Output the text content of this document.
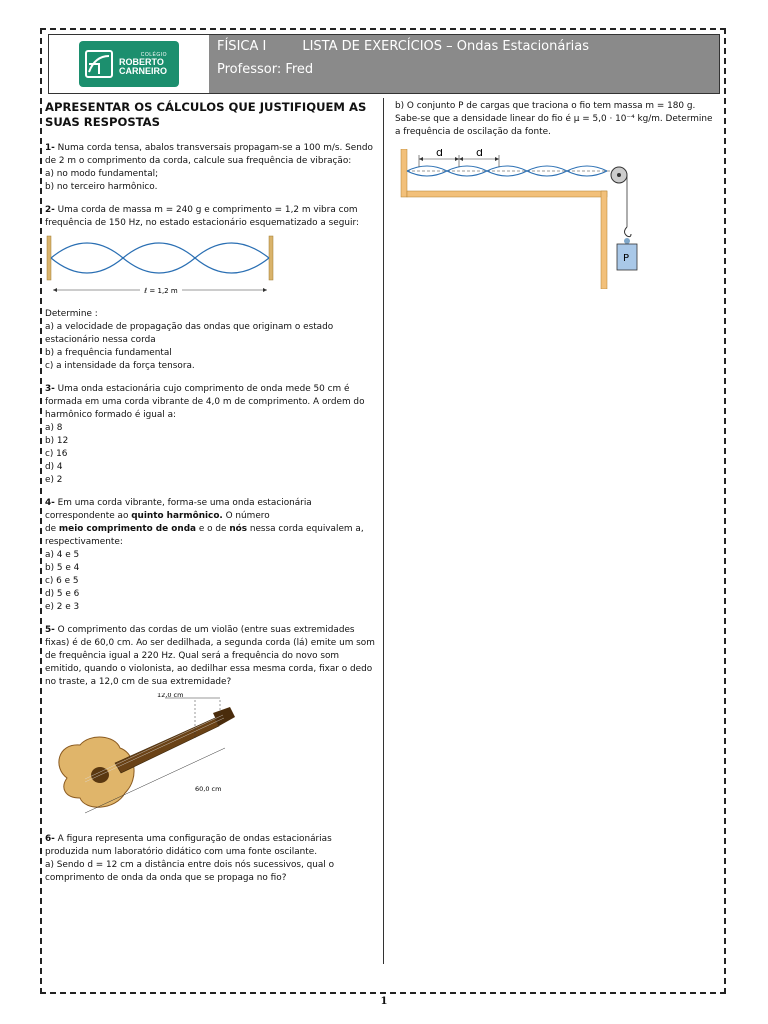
COLÉGIO
ROBERTO
CARNEIRO
FÍSICA I	LISTA DE EXERCÍCIOS – Ondas Estacionárias
Professor: Fred
APRESENTAR OS CÁLCULOS QUE JUSTIFIQUEM AS SUAS RESPOSTAS

1- Numa corda tensa, abalos transversais propagam-se a 100 m/s. Sendo de 2 m o comprimento da corda, calcule sua frequência de vibração:

a) no modo fundamental;

b) no terceiro harmônico.

2- Uma corda de massa m = 240 g e comprimento = 1,2 m vibra com frequência de 150 Hz, no estado estacionário esquematizado a seguir:

ℓ = 1,2 m

Determine :

a) a velocidade de propagação das ondas que originam o estado estacionário nessa corda

b) a frequência fundamental

c) a intensidade da força tensora.

3- Uma onda estacionária cujo comprimento de onda mede 50 cm é formada em uma corda vibrante de 4,0 m de comprimento. A ordem do harmônico formado é igual a:

a) 8

b) 12

c) 16

d) 4

e) 2

4- Em uma corda vibrante, forma-se uma onda estacionária correspondente ao quinto harmônico. O número

de meio comprimento de onda e o de nós nessa corda equivalem a, respectivamente:

a) 4 e 5

b) 5 e 4

c) 6 e 5

d) 5 e 6

e) 2 e 3

5- O comprimento das cordas de um violão (entre suas extremidades fixas) é de 60,0 cm. Ao ser dedilhada, a segunda corda (lá) emite um som de frequência igual a 220 Hz. Qual será a frequência do novo som emitido, quando o violonista, ao dedilhar essa mesma corda, fixar o dedo no traste, a 12,0 cm de sua extremidade?

12,0 cm
60,0 cm

6- A figura representa uma configuração de ondas estacionárias produzida num laboratório didático com uma fonte oscilante.

a) Sendo d = 12 cm a distância entre dois nós sucessivos, qual o comprimento de onda da onda que se propaga no fio?

b) O conjunto P de cargas que traciona o fio tem massa m = 180 g. Sabe-se que a densidade linear do fio é μ = 5,0 · 10⁻⁴ kg/m. Determine a frequência de oscilação da fonte.

d	d
P
1
